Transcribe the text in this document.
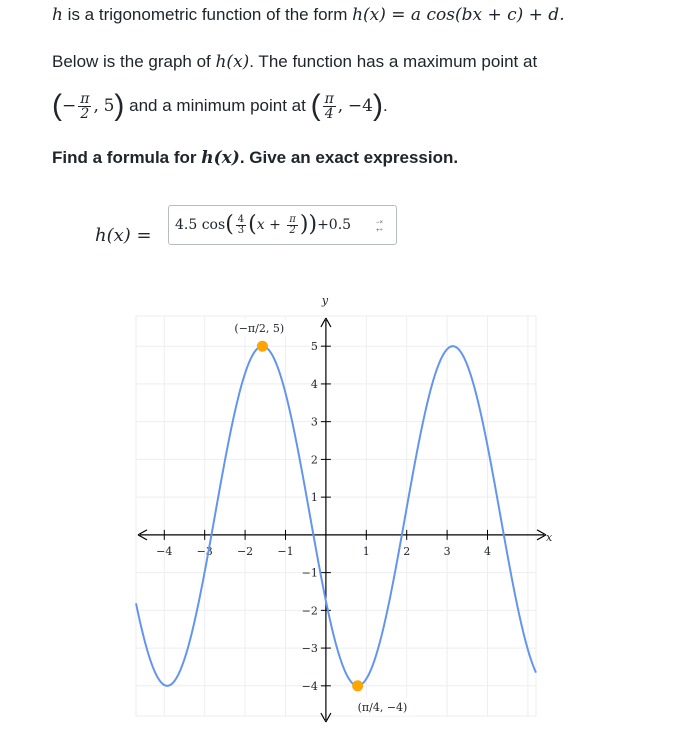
h is a trigonometric function of the form h(x) = a cos(bx + c) + d.
Below is the graph of h(x). The function has a maximum point at
( − $\frac{\pi}{2}$ ,
5 ) and a minimum point at ( $\frac{\pi}{4}$ ,
−4 ) .
Find a formula for h(x). Give an exact expression.
h(x) = 4.5
cos ( $\frac{4}{3}$ ( x
+
$\frac{\pi}{2}$ ) ) +0.5	−×
+÷
x
y
−4 −3 −2 −1	1	2	3	4
−4
−3
−2
−1
1
2
3
4
5
(−π/2, 5)
(π/4, −4)
